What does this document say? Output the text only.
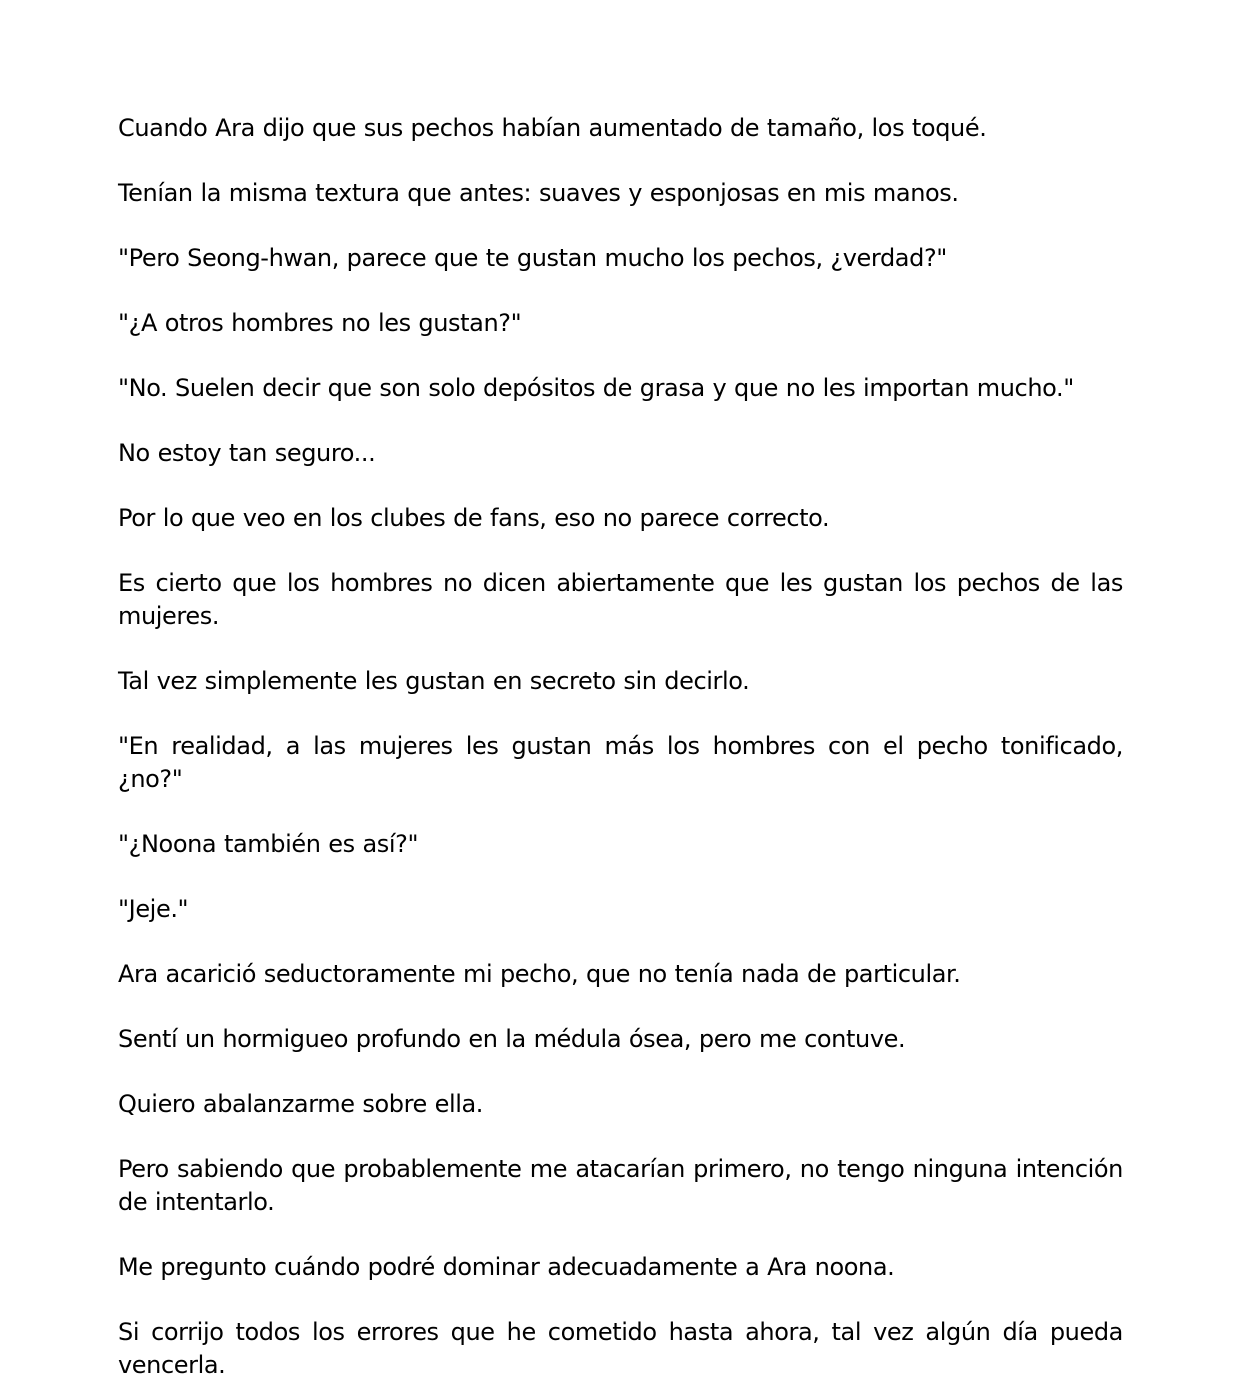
Cuando Ara dijo que sus pechos habían aumentado de tamaño, los toqué.

Tenían la misma textura que antes: suaves y esponjosas en mis manos.

"Pero Seong-hwan, parece que te gustan mucho los pechos, ¿verdad?"

"¿A otros hombres no les gustan?"

"No. Suelen decir que son solo depósitos de grasa y que no les importan mucho."

No estoy tan seguro...

Por lo que veo en los clubes de fans, eso no parece correcto.

Es cierto que los hombres no dicen abiertamente que les gustan los pechos de las mujeres.

Tal vez simplemente les gustan en secreto sin decirlo.

"En realidad, a las mujeres les gustan más los hombres con el pecho tonificado, ¿no?"

"¿Noona también es así?"

"Jeje."

Ara acarició seductoramente mi pecho, que no tenía nada de particular.

Sentí un hormigueo profundo en la médula ósea, pero me contuve.

Quiero abalanzarme sobre ella.

Pero sabiendo que probablemente me atacarían primero, no tengo ninguna intención de intentarlo.

Me pregunto cuándo podré dominar adecuadamente a Ara noona.

Si corrijo todos los errores que he cometido hasta ahora, tal vez algún día pueda vencerla.
